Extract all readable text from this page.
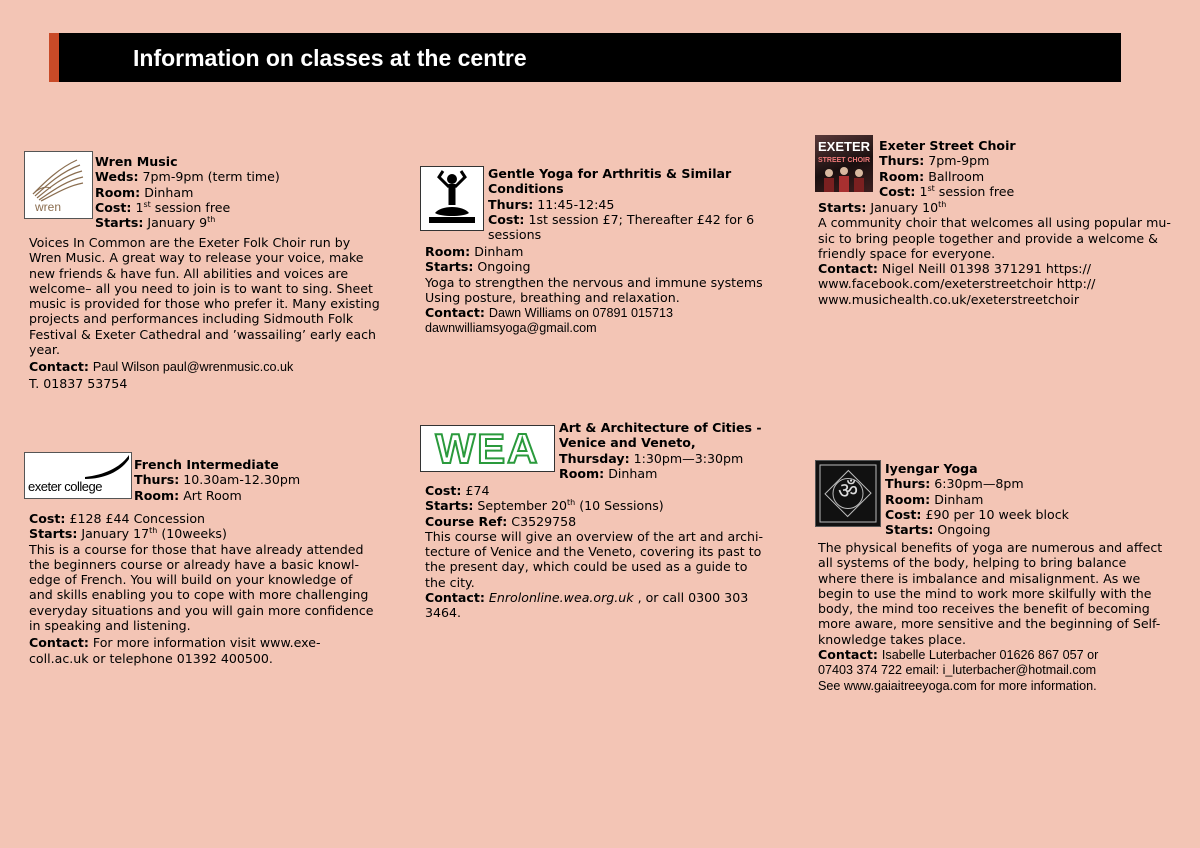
Information on classes at the centre
wren

Wren Music

Weds: 7pm-9pm (term time)

Room: Dinham

Cost: 1st session free

Starts: January 9th

Voices In Common are the Exeter Folk Choir run by

Wren Music. A great way to release your voice, make

new friends & have fun. All abilities and voices are

welcome– all you need to join is to want to sing. Sheet

music is provided for those who prefer it. Many existing

projects and performances including Sidmouth Folk

Festival & Exeter Cathedral and ’wassailing’ early each

year.

Contact: Paul Wilson paul@wrenmusic.co.uk

T. 01837 53754

Gentle Yoga for Arthritis & Similar

Conditions

Thurs: 11:45-12:45

Cost: 1st session £7; Thereafter £42 for 6

sessions

Room: Dinham

Starts: Ongoing

Yoga to strengthen the nervous and immune systems

Using posture, breathing and relaxation.

Contact: Dawn Williams on 07891 015713

dawnwilliamsyoga@gmail.com

EXETER
STREET CHOIR

Exeter Street Choir

Thurs: 7pm-9pm

Room: Ballroom

Cost: 1st session free

Starts: January 10th

A community choir that welcomes all using popular mu-

sic to bring people together and provide a welcome &

friendly space for everyone.

Contact: Nigel Neill 01398 371291 https://

www.facebook.com/exeterstreetchoir http://

www.musichealth.co.uk/exeterstreetchoir

exeter college

French Intermediate

Thurs: 10.30am-12.30pm

Room: Art Room

Cost: £128 £44 Concession

Starts: January 17th (10weeks)

This is a course for those that have already attended

the beginners course or already have a basic knowl-

edge of French. You will build on your knowledge of

and skills enabling you to cope with more challenging

everyday situations and you will gain more confidence

in speaking and listening.

Contact: For more information visit www.exe-

coll.ac.uk or telephone 01392 400500.

WEA	Art & Architecture of Cities -

Venice and Veneto,

Thursday: 1:30pm—3:30pm

Room: Dinham

Cost: £74

Starts: September 20th (10 Sessions)

Course Ref: C3529758

This course will give an overview of the art and archi-

tecture of Venice and the Veneto, covering its past to

the present day, which could be used as a guide to

the city.

Contact: Enrolonline.wea.org.uk , or call 0300 303

3464.

ॐ

Iyengar Yoga

Thurs: 6:30pm—8pm

Room: Dinham

Cost: £90 per 10 week block

Starts: Ongoing

The physical benefits of yoga are numerous and affect

all systems of the body, helping to bring balance

where there is imbalance and misalignment. As we

begin to use the mind to work more skilfully with the

body, the mind too receives the benefit of becoming

more aware, more sensitive and the beginning of Self-

knowledge takes place.

Contact: Isabelle Luterbacher 01626 867 057 or

07403 374 722 email: i_luterbacher@hotmail.com

See www.gaiaitreeyoga.com for more information.
